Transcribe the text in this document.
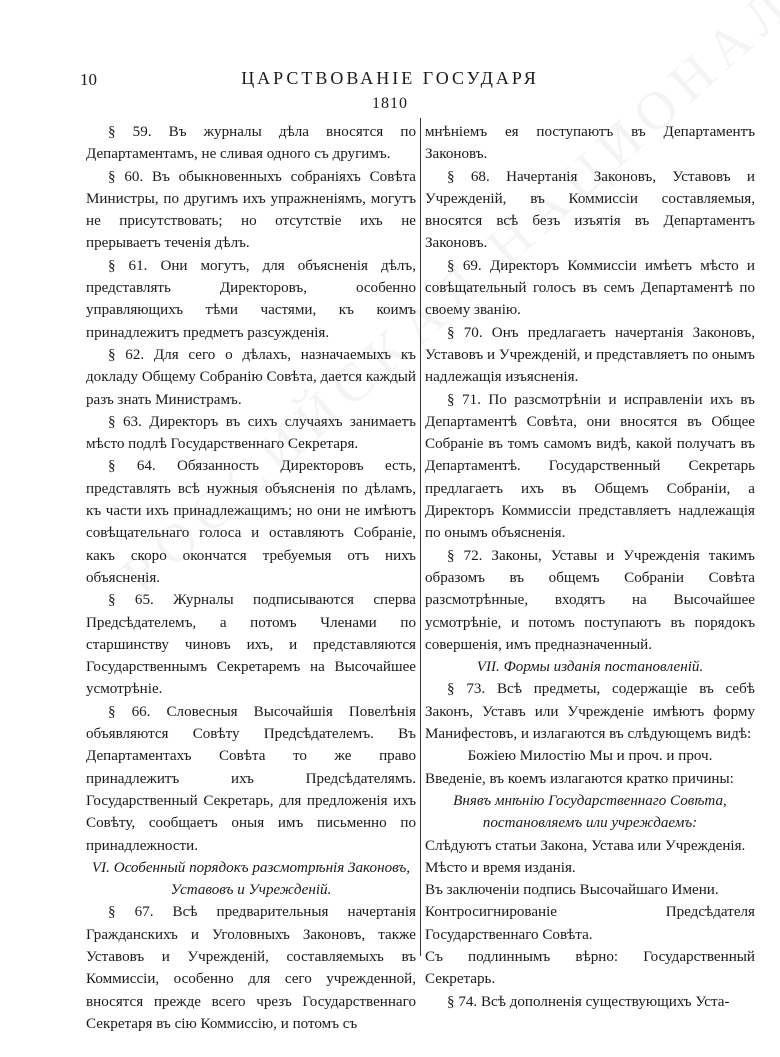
10	ЦАРСТВОВАНІЕ ГОСУДАРЯ
1810

§ 59. Въ журналы дѣла вносятся по Департаментамъ, не сливая одного съ другимъ.

§ 60. Въ обыкновенныхъ собраніяхъ Совѣта Министры, по другимъ ихъ упражненіямъ, могутъ не присутствовать; но отсутствіе ихъ не прерываетъ теченія дѣлъ.

§ 61. Они могутъ, для объясненія дѣлъ, представлять Директоровъ, особенно управляющихъ тѣми частями, къ коимъ принадлежитъ предметъ разсужденія.

§ 62. Для сего о дѣлахъ, назначаемыхъ къ докладу Общему Собранію Совѣта, дается каждый разъ знать Министрамъ.

§ 63. Директоръ въ сихъ случаяхъ занимаетъ мѣсто подлѣ Государственнаго Секретаря.

§ 64. Обязанность Директоровъ есть, представлять всѣ нужныя объясненія по дѣламъ, къ части ихъ принадлежащимъ; но они не имѣютъ совѣщательнаго голоса и оставляютъ Собраніе, какъ скоро окончатся требуемыя отъ нихъ объясненія.

§ 65. Журналы подписываются сперва Предсѣдателемъ, а потомъ Членами по старшинству чиновъ ихъ, и представляются Государственнымъ Секретаремъ на Высочайшее усмотрѣніе.

§ 66. Словесныя Высочайшія Повелѣнія объявляются Совѣту Предсѣдателемъ. Въ Департаментахъ Совѣта то же право принадлежитъ ихъ Предсѣдателямъ. Государственный Секретарь, для предложенія ихъ Совѣту, сообщаетъ оныя имъ письменно по принадлежности.

VI. Особенный порядокъ разсмотрѣнія Законовъ, Уставовъ и Учрежденій.

§ 67. Всѣ предварительныя начертанія Гражданскихъ и Уголовныхъ Законовъ, также Уставовъ и Учрежденій, составляемыхъ въ Коммиссіи, особенно для сего учрежденной, вносятся прежде всего чрезъ Государственнаго Секретаря въ сію Коммиссію, и потомъ съ

мнѣніемъ ея поступаютъ въ Департаментъ Законовъ.

§ 68. Начертанія Законовъ, Уставовъ и Учрежденій, въ Коммиссіи составляемыя, вносятся всѣ безъ изъятія въ Департаментъ Законовъ.

§ 69. Директоръ Коммиссіи имѣетъ мѣсто и совѣщательный голосъ въ семъ Департаментѣ по своему званію.

§ 70. Онъ предлагаетъ начертанія Законовъ, Уставовъ и Учрежденій, и представляетъ по онымъ надлежащія изъясненія.

§ 71. По разсмотрѣніи и исправленіи ихъ въ Департаментѣ Совѣта, они вносятся въ Общее Собраніе въ томъ самомъ видѣ, какой получатъ въ Департаментѣ. Государственный Секретарь предлагаетъ ихъ въ Общемъ Собраніи, а Директоръ Коммиссіи представляетъ надлежащія по онымъ объясненія.

§ 72. Законы, Уставы и Учрежденія такимъ образомъ въ общемъ Собраніи Совѣта разсмотрѣнные, входятъ на Высочайшее усмотрѣніе, и потомъ поступаютъ въ порядокъ совершенія, имъ предназначенный.

VII. Формы изданія постановленій.

§ 73. Всѣ предметы, содержащіе въ себѣ Законъ, Уставъ или Учрежденіе имѣютъ форму Манифестовъ, и излагаются въ слѣдующемъ видѣ:

Божіею Милостію Мы и проч. и проч.

Введеніе, въ коемъ излагаются кратко причины:

Внявъ мнѣнію Государственнаго Совѣта, постановляемъ или учреждаемъ:

Слѣдуютъ статьи Закона, Устава или Учрежденія.

Мѣсто и время изданія.

Въ заключеніи подпись Высочайшаго Имени.

Контросигнированіе Предсѣдателя Государственнаго Совѣта.

Съ подлиннымъ вѣрно: Государственный Секретарь.

§ 74. Всѣ дополненія существующихъ Уста-
